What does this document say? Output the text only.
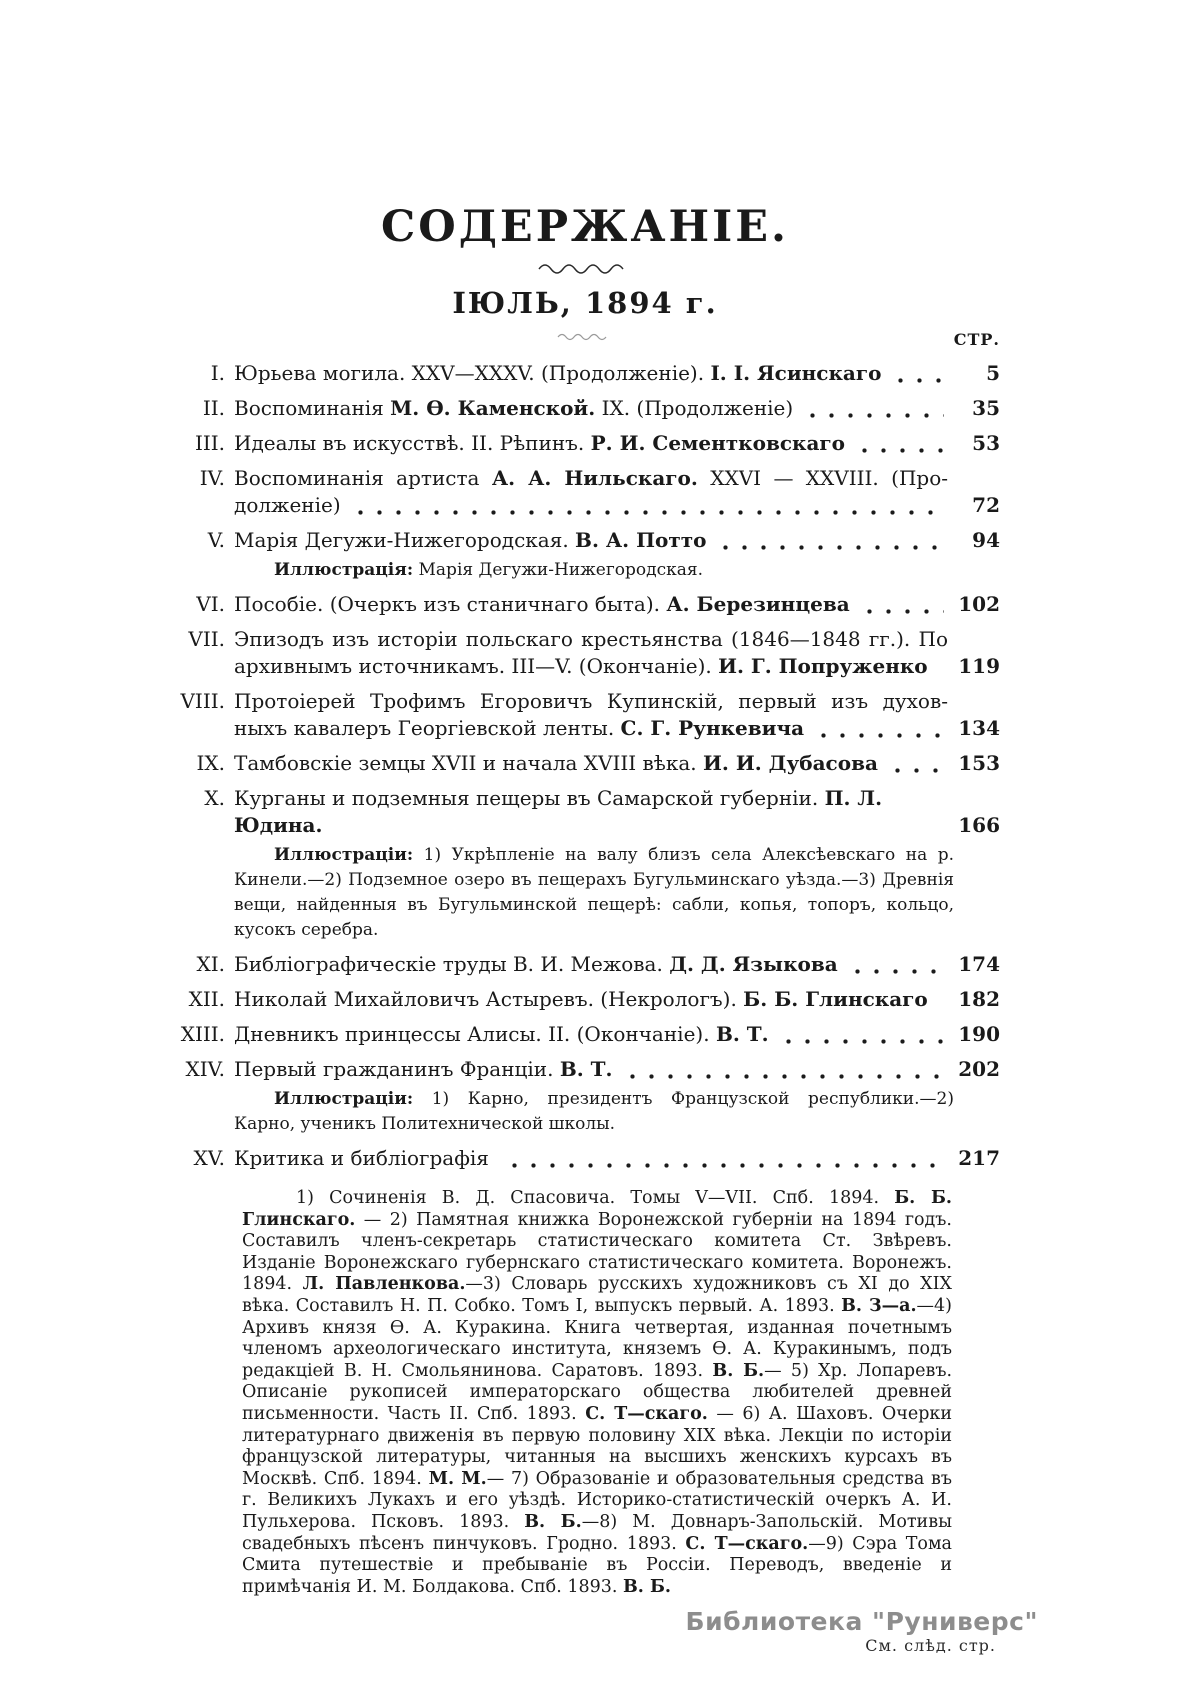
СОДЕРЖАНІЕ.
ІЮЛЬ, 1894 г.
СТР.
I. Юрьева могила. XXV—XXXV. (Продолженіе). І. І. Ясинскаго	5
II. Воспоминанія М. Ѳ. Каменской. IX. (Продолженіе)	35
III. Идеалы въ искусствѣ. II. Рѣпинъ. Р. И. Сементковскаго	53
IV. Воспоминанія артиста А. А. Нильскаго. XXVI — XXVIII. (Про-
долженіе)	72
V. Марія Дегужи-Нижегородская. В. А. Потто	94
Иллюстрація: Марія Дегужи-Нижегородская.
VI. Пособіе. (Очеркъ изъ станичнаго быта). А. Березинцева	102
VII. Эпизодъ изъ исторіи польскаго крестьянства (1846—1848 гг.). По
архивнымъ источникамъ. III—V. (Окончаніе). И. Г. Попруженко	119
VIII. Протоіерей Трофимъ Егоровичъ Купинскій, первый изъ духов-
ныхъ кавалеръ Георгіевской ленты. С. Г. Рункевича	134
IX. Тамбовскіе земцы XVII и начала XVIII вѣка. И. И. Дубасова	153
X. Курганы и подземныя пещеры въ Самарской губерніи. П. Л. Юдина.	166
Иллюстраціи: 1) Укрѣпленіе на валу близъ села Алексѣевскаго на р. Кинели.—2) Подземное озеро въ пещерахъ Бугульминскаго уѣзда.—3) Древнія вещи, найденныя въ Бугульминской пещерѣ: сабли, копья, топоръ, кольцо, кусокъ серебра.
XI. Библіографическіе труды В. И. Межова. Д. Д. Языкова	174
XII. Николай Михайловичъ Астыревъ. (Некрологъ). Б. Б. Глинскаго	182
XIII. Дневникъ принцессы Алисы. II. (Окончаніе). В. Т.	190
XIV. Первый гражданинъ Франціи. В. Т.	202
Иллюстраціи: 1) Карно, президентъ Французской республики.—2) Карно, ученикъ Политехнической школы.
XV. Критика и библіографія	217

1) Сочиненія В. Д. Спасовича. Томы V—VII. Спб. 1894. Б. Б. Глинскаго. — 2) Памятная книжка Воронежской губерніи на 1894 годъ. Составилъ членъ-секретарь статистическаго комитета Ст. Звѣревъ. Изданіе Воронежскаго губернскаго статистическаго комитета. Воронежъ. 1894. Л. Павленкова.—3) Словарь русскихъ художниковъ съ XI до XIX вѣка. Составилъ Н. П. Собко. Томъ I, выпускъ первый. А. 1893. В. З—а.—4) Архивъ князя Ѳ. А. Куракина. Книга четвертая, изданная почетнымъ членомъ археологическаго института, княземъ Ѳ. А. Куракинымъ, подъ редакціей В. Н. Смольянинова. Саратовъ. 1893. В. Б.— 5) Хр. Лопаревъ. Описаніе рукописей императорскаго общества любителей древней письменности. Часть II. Спб. 1893. С. Т—скаго. — 6) А. Шаховъ. Очерки литературнаго движенія въ первую половину XIX вѣка. Лекціи по исторіи французской литературы, читанныя на высшихъ женскихъ курсахъ въ Москвѣ. Спб. 1894. М. М.— 7) Образованіе и образовательныя средства въ г. Великихъ Лукахъ и его уѣздѣ. Историко-статистическій очеркъ А. И. Пульхерова. Псковъ. 1893. В. Б.—8) М. Довнаръ-Запольскій. Мотивы свадебныхъ пѣсенъ пинчуковъ. Гродно. 1893. С. Т—скаго.—9) Сэра Тома Смита путешествіе и пребываніе въ Россіи. Переводъ, введеніе и примѣчанія И. М. Болдакова. Спб. 1893. В. Б.

См. слѣд. стр.
Библиотека "Руниверс"
